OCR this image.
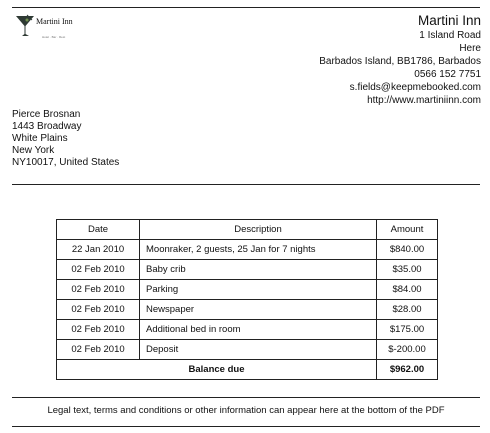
Martini Inn
Hotel · Bar · Rest
Martini Inn
1 Island Road
Here
Barbados Island, BB1786, Barbados
0566 152 7751
s.fields@keepmebooked.com
http://www.martiniinn.com
Pierce Brosnan
1443 Broadway
White Plains
New York
NY10017, United States
Date	Description	Amount
22 Jan 2010	Moonraker, 2 guests, 25 Jan for 7 nights	$840.00
02 Feb 2010	Baby crib	$35.00
02 Feb 2010	Parking	$84.00
02 Feb 2010	Newspaper	$28.00
02 Feb 2010	Additional bed in room	$175.00
02 Feb 2010	Deposit	$-200.00
Balance due		$962.00
Legal text, terms and conditions or other information can appear here at the bottom of the PDF
